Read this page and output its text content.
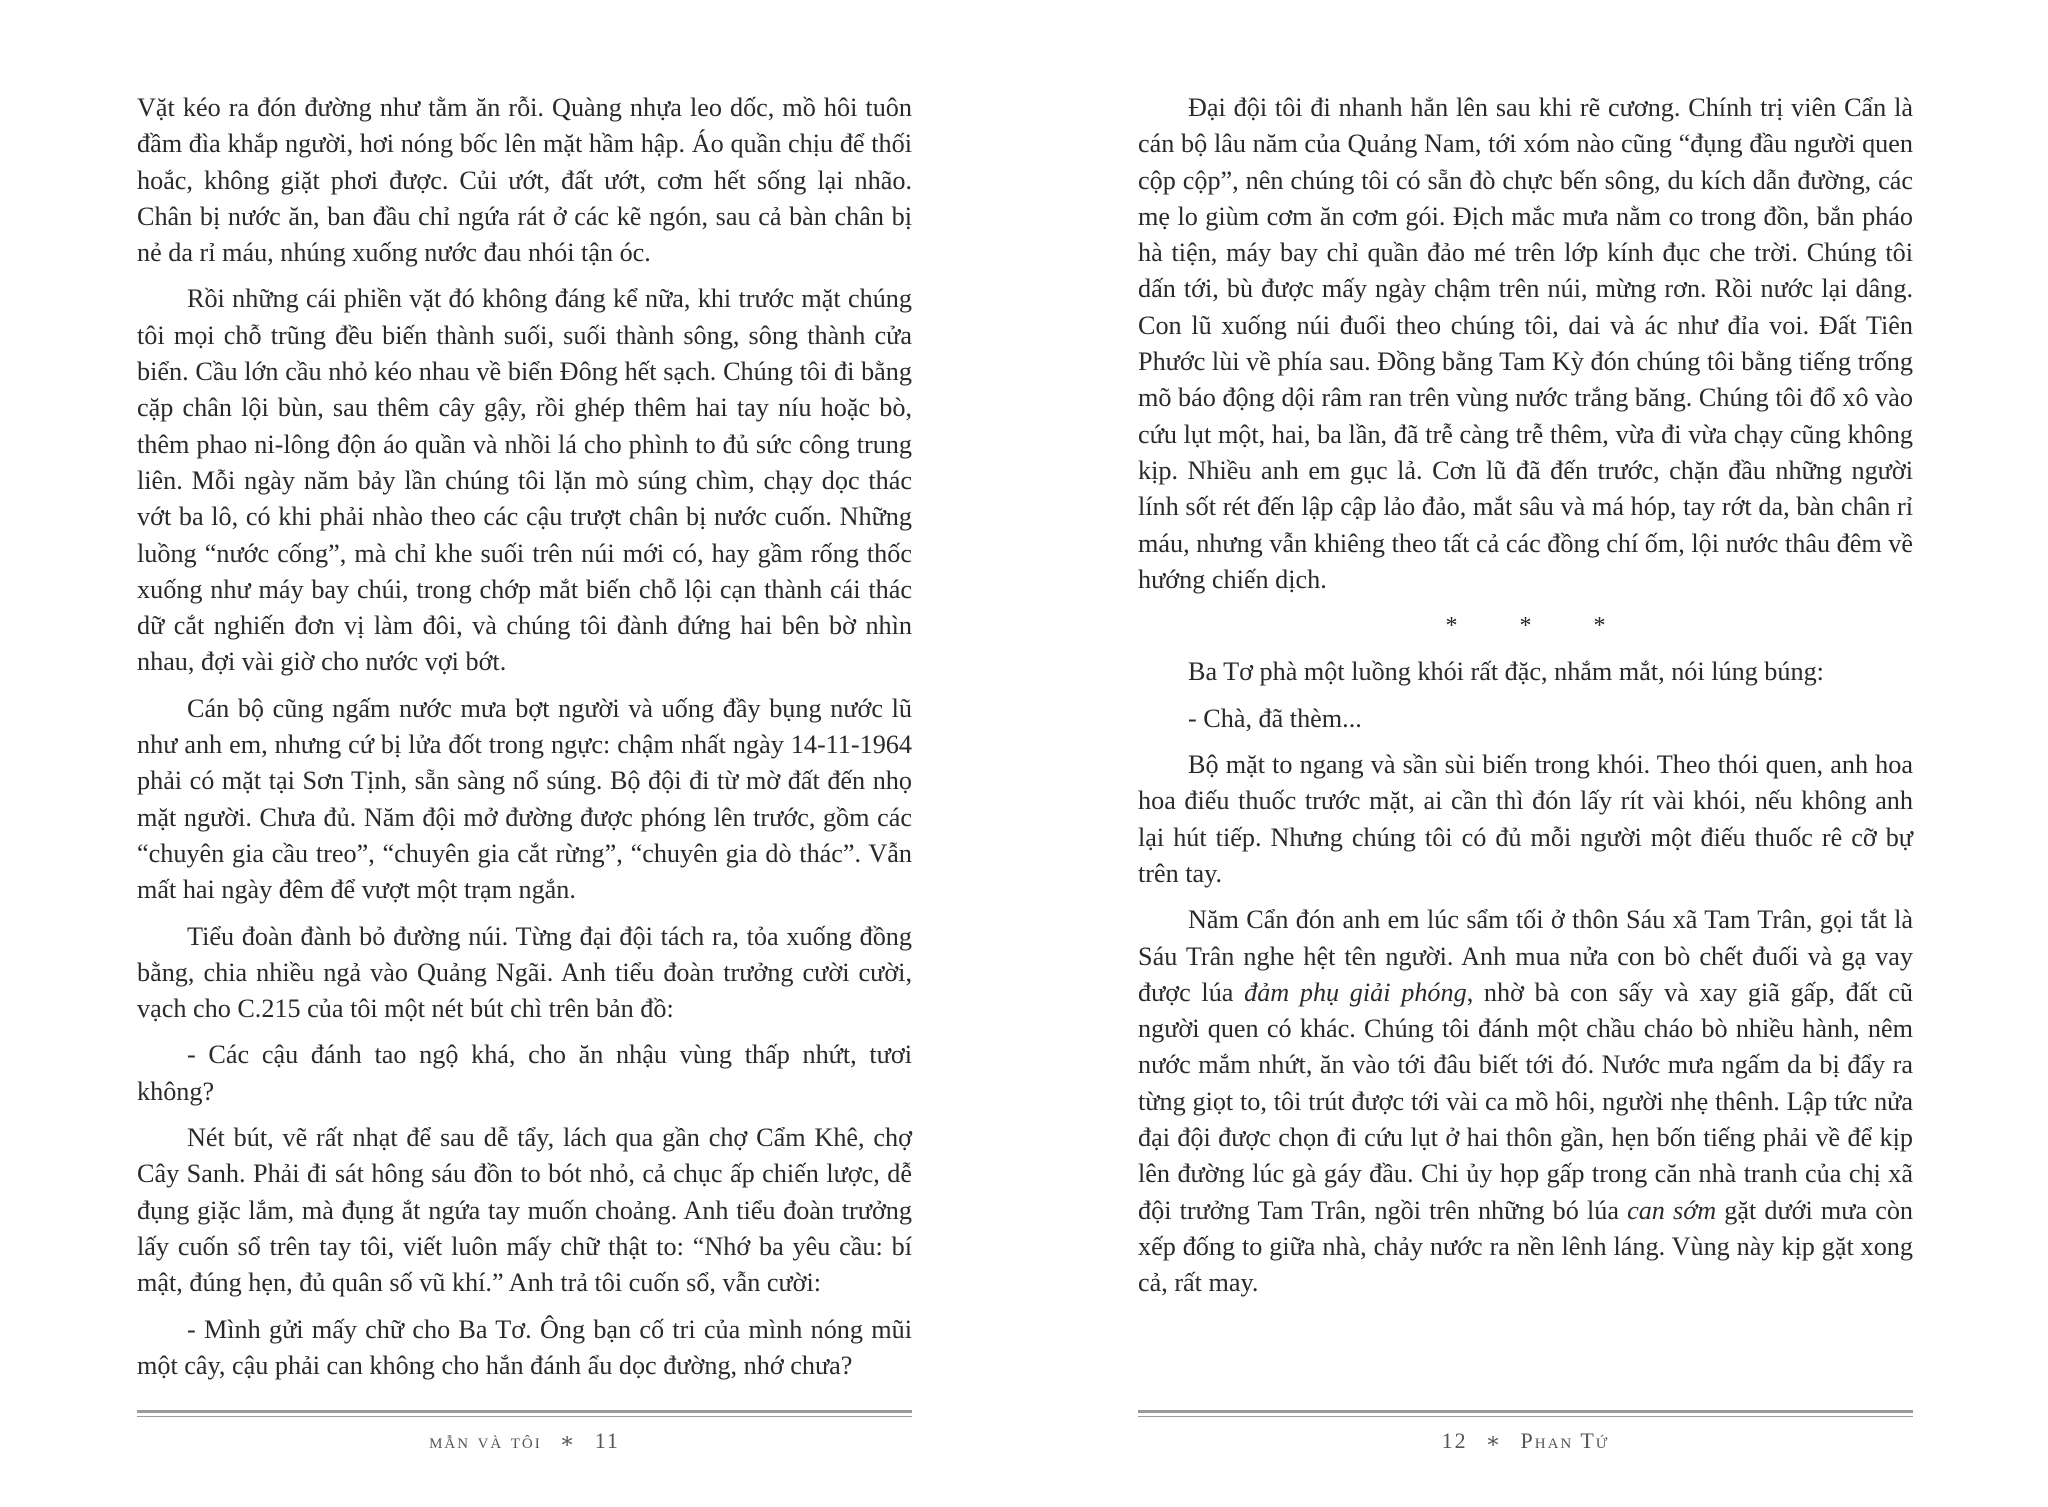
Vặt kéo ra đón đường như tằm ăn rỗi. Quàng nhựa leo dốc, mồ hôi tuôn đầm đìa khắp người, hơi nóng bốc lên mặt hầm hập. Áo quần chịu để thối hoắc, không giặt phơi được. Củi ướt, đất ướt, cơm hết sống lại nhão. Chân bị nước ăn, ban đầu chỉ ngứa rát ở các kẽ ngón, sau cả bàn chân bị nẻ da rỉ máu, nhúng xuống nước đau nhói tận óc.

Rồi những cái phiền vặt đó không đáng kể nữa, khi trước mặt chúng tôi mọi chỗ trũng đều biến thành suối, suối thành sông, sông thành cửa biển. Cầu lớn cầu nhỏ kéo nhau về biển Đông hết sạch. Chúng tôi đi bằng cặp chân lội bùn, sau thêm cây gậy, rồi ghép thêm hai tay níu hoặc bò, thêm phao ni-lông độn áo quần và nhồi lá cho phình to đủ sức công trung liên. Mỗi ngày năm bảy lần chúng tôi lặn mò súng chìm, chạy dọc thác vớt ba lô, có khi phải nhào theo các cậu trượt chân bị nước cuốn. Những luồng “nước cống”, mà chỉ khe suối trên núi mới có, hay gầm rống thốc xuống như máy bay chúi, trong chớp mắt biến chỗ lội cạn thành cái thác dữ cắt nghiến đơn vị làm đôi, và chúng tôi đành đứng hai bên bờ nhìn nhau, đợi vài giờ cho nước vợi bớt.

Cán bộ cũng ngấm nước mưa bợt người và uống đầy bụng nước lũ như anh em, nhưng cứ bị lửa đốt trong ngực: chậm nhất ngày 14-11-1964 phải có mặt tại Sơn Tịnh, sẵn sàng nổ súng. Bộ đội đi từ mờ đất đến nhọ mặt người. Chưa đủ. Năm đội mở đường được phóng lên trước, gồm các “chuyên gia cầu treo”, “chuyên gia cắt rừng”, “chuyên gia dò thác”. Vẫn mất hai ngày đêm để vượt một trạm ngắn.

Tiểu đoàn đành bỏ đường núi. Từng đại đội tách ra, tỏa xuống đồng bằng, chia nhiều ngả vào Quảng Ngãi. Anh tiểu đoàn trưởng cười cười, vạch cho C.215 của tôi một nét bút chì trên bản đồ:

- Các cậu đánh tao ngộ khá, cho ăn nhậu vùng thấp nhứt, tươi không?

Nét bút, vẽ rất nhạt để sau dễ tẩy, lách qua gần chợ Cẩm Khê, chợ Cây Sanh. Phải đi sát hông sáu đồn to bót nhỏ, cả chục ấp chiến lược, dễ đụng giặc lắm, mà đụng ắt ngứa tay muốn choảng. Anh tiểu đoàn trưởng lấy cuốn sổ trên tay tôi, viết luôn mấy chữ thật to: “Nhớ ba yêu cầu: bí mật, đúng hẹn, đủ quân số vũ khí.” Anh trả tôi cuốn sổ, vẫn cười:

- Mình gửi mấy chữ cho Ba Tơ. Ông bạn cố tri của mình nóng mũi một cây, cậu phải can không cho hắn đánh ẩu dọc đường, nhớ chưa?

mẫn và tôi ∗ 11

Đại đội tôi đi nhanh hẳn lên sau khi rẽ cương. Chính trị viên Cẩn là cán bộ lâu năm của Quảng Nam, tới xóm nào cũng “đụng đầu người quen cộp cộp”, nên chúng tôi có sẵn đò chực bến sông, du kích dẫn đường, các mẹ lo giùm cơm ăn cơm gói. Địch mắc mưa nằm co trong đồn, bắn pháo hà tiện, máy bay chỉ quần đảo mé trên lớp kính đục che trời. Chúng tôi dấn tới, bù được mấy ngày chậm trên núi, mừng rơn. Rồi nước lại dâng. Con lũ xuống núi đuổi theo chúng tôi, dai và ác như đỉa voi. Đất Tiên Phước lùi về phía sau. Đồng bằng Tam Kỳ đón chúng tôi bằng tiếng trống mõ báo động dội râm ran trên vùng nước trắng băng. Chúng tôi đổ xô vào cứu lụt một, hai, ba lần, đã trễ càng trễ thêm, vừa đi vừa chạy cũng không kịp. Nhiều anh em gục lả. Cơn lũ đã đến trước, chặn đầu những người lính sốt rét đến lập cập lảo đảo, mắt sâu và má hóp, tay rớt da, bàn chân rỉ máu, nhưng vẫn khiêng theo tất cả các đồng chí ốm, lội nước thâu đêm về hướng chiến dịch.

* * *

Ba Tơ phà một luồng khói rất đặc, nhắm mắt, nói lúng búng:

- Chà, đã thèm...

Bộ mặt to ngang và sần sùi biến trong khói. Theo thói quen, anh hoa hoa điếu thuốc trước mặt, ai cần thì đón lấy rít vài khói, nếu không anh lại hút tiếp. Nhưng chúng tôi có đủ mỗi người một điếu thuốc rê cỡ bự trên tay.

Năm Cẩn đón anh em lúc sẩm tối ở thôn Sáu xã Tam Trân, gọi tắt là Sáu Trân nghe hệt tên người. Anh mua nửa con bò chết đuối và gạ vay được lúa đảm phụ giải phóng, nhờ bà con sấy và xay giã gấp, đất cũ người quen có khác. Chúng tôi đánh một chầu cháo bò nhiều hành, nêm nước mắm nhứt, ăn vào tới đâu biết tới đó. Nước mưa ngấm da bị đẩy ra từng giọt to, tôi trút được tới vài ca mồ hôi, người nhẹ thênh. Lập tức nửa đại đội được chọn đi cứu lụt ở hai thôn gần, hẹn bốn tiếng phải về để kịp lên đường lúc gà gáy đầu. Chi ủy họp gấp trong căn nhà tranh của chị xã đội trưởng Tam Trân, ngồi trên những bó lúa can sớm gặt dưới mưa còn xếp đống to giữa nhà, chảy nước ra nền lênh láng. Vùng này kịp gặt xong cả, rất may.

12 ∗ Phan Tứ
